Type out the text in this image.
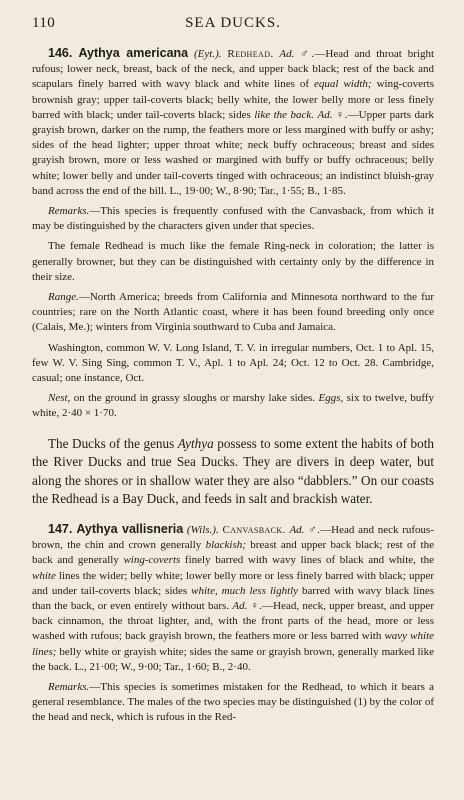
110	SEA DUCKS.

146. Aythya americana (Eyt.). Redhead. Ad. ♂.—Head and throat bright rufous; lower neck, breast, back of the neck, and upper back black; rest of the back and scapulars finely barred with wavy black and white lines of equal width; wing-coverts brownish gray; upper tail-coverts black; belly white, the lower belly more or less finely barred with black; under tail-coverts black; sides like the back. Ad. ♀.—Upper parts dark grayish brown, darker on the rump, the feathers more or less margined with buffy or ashy; sides of the head lighter; upper throat white; neck buffy ochraceous; breast and sides grayish brown, more or less washed or margined with buffy or buffy ochraceous; belly white; lower belly and under tail-coverts tinged with ochraceous; an indistinct bluish-gray band across the end of the bill. L., 19·00; W., 8·90; Tar., 1·55; B., 1·85.

Remarks.—This species is frequently confused with the Canvasback, from which it may be distinguished by the characters given under that species.

The female Redhead is much like the female Ring-neck in coloration; the latter is generally browner, but they can be distinguished with certainty only by the difference in their size.

Range.—North America; breeds from California and Minnesota northward to the fur countries; rare on the North Atlantic coast, where it has been found breeding only once (Calais, Me.); winters from Virginia southward to Cuba and Jamaica.

Washington, common W. V. Long Island, T. V. in irregular numbers, Oct. 1 to Apl. 15, few W. V. Sing Sing, common T. V., Apl. 1 to Apl. 24; Oct. 12 to Oct. 28. Cambridge, casual; one instance, Oct.

Nest, on the ground in grassy sloughs or marshy lake sides. Eggs, six to twelve, buffy white, 2·40 × 1·70.

The Ducks of the genus Aythya possess to some extent the habits of both the River Ducks and true Sea Ducks. They are divers in deep water, but along the shores or in shallow water they are also “dabblers.” On our coasts the Redhead is a Bay Duck, and feeds in salt and brackish water.

147. Aythya vallisneria (Wils.). Canvasback. Ad. ♂.—Head and neck rufous-brown, the chin and crown generally blackish; breast and upper back black; rest of the back and generally wing-coverts finely barred with wavy lines of black and white, the white lines the wider; belly white; lower belly more or less finely barred with black; upper and under tail-coverts black; sides white, much less lightly barred with wavy black lines than the back, or even entirely without bars. Ad. ♀.—Head, neck, upper breast, and upper back cinnamon, the throat lighter, and, with the front parts of the head, more or less washed with rufous; back grayish brown, the feathers more or less barred with wavy white lines; belly white or grayish white; sides the same or grayish brown, generally marked like the back. L., 21·00; W., 9·00; Tar., 1·60; B., 2·40.

Remarks.—This species is sometimes mistaken for the Redhead, to which it bears a general resemblance. The males of the two species may be distinguished (1) by the color of the head and neck, which is rufous in the Red-
